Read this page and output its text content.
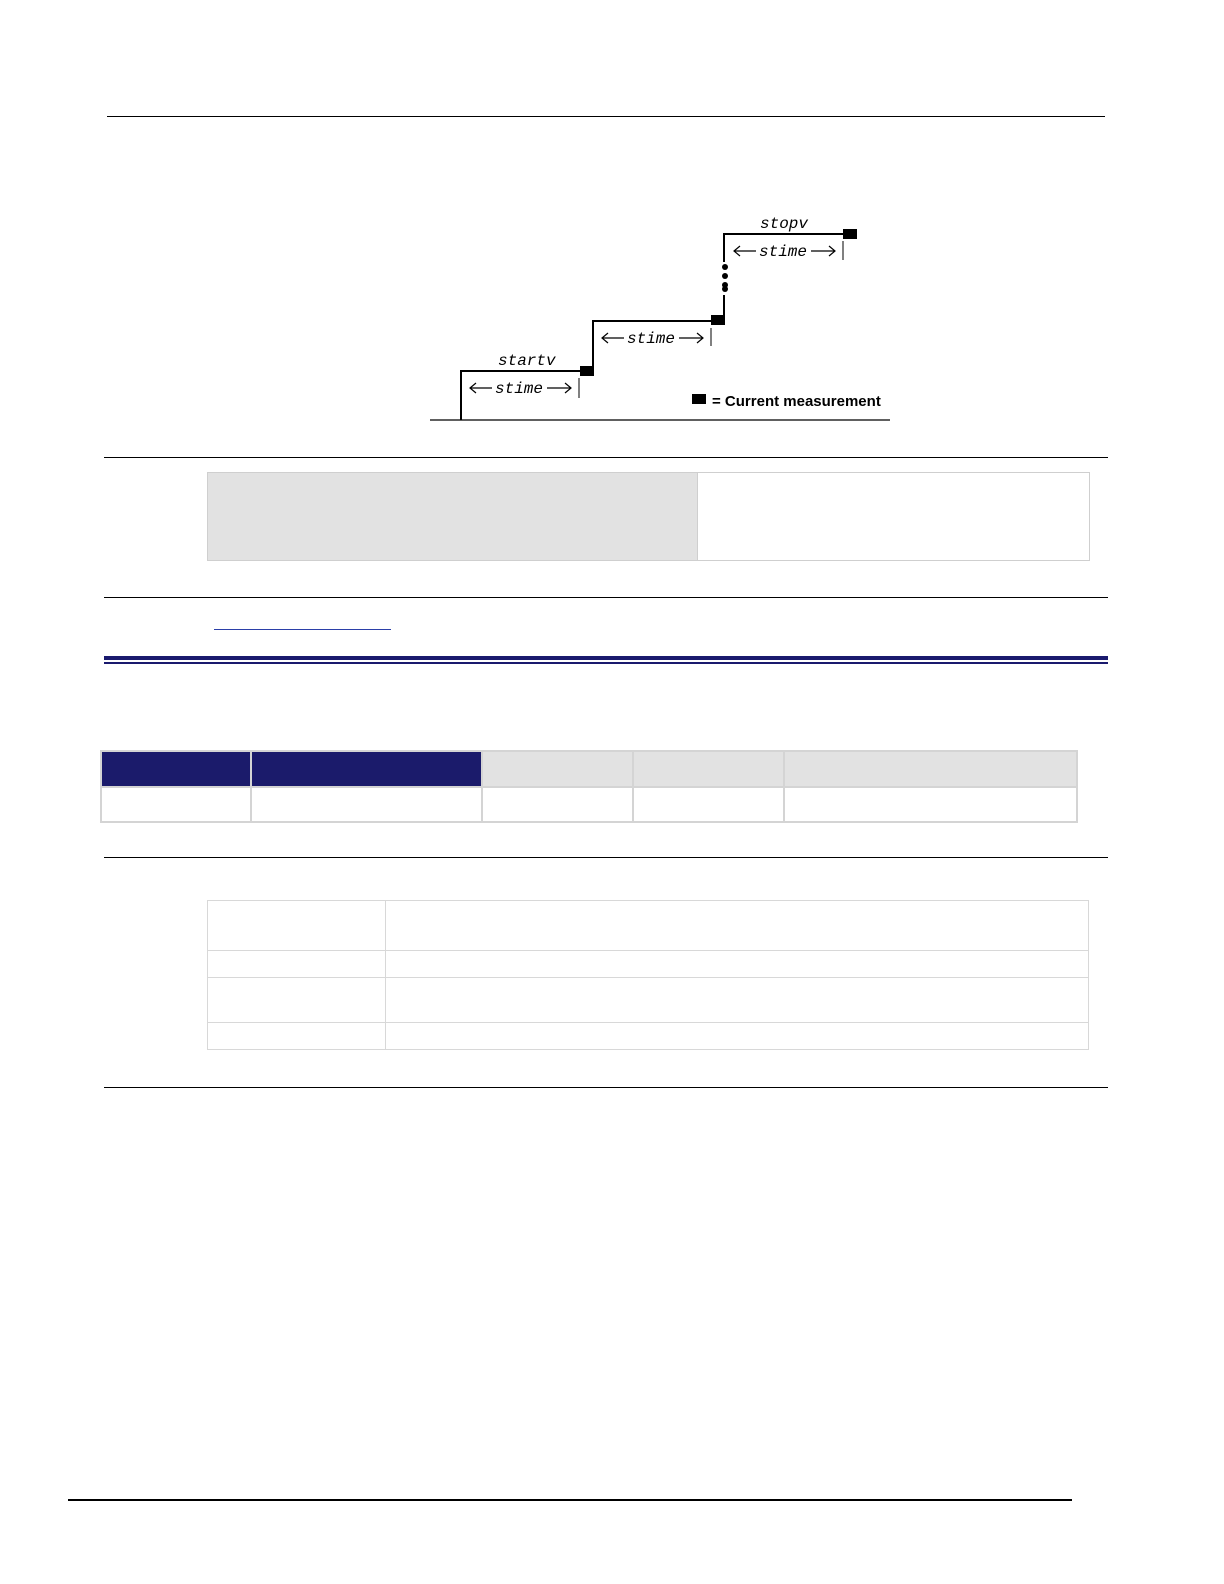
startv
stopv
stime
stime
stime
= Current measurement
